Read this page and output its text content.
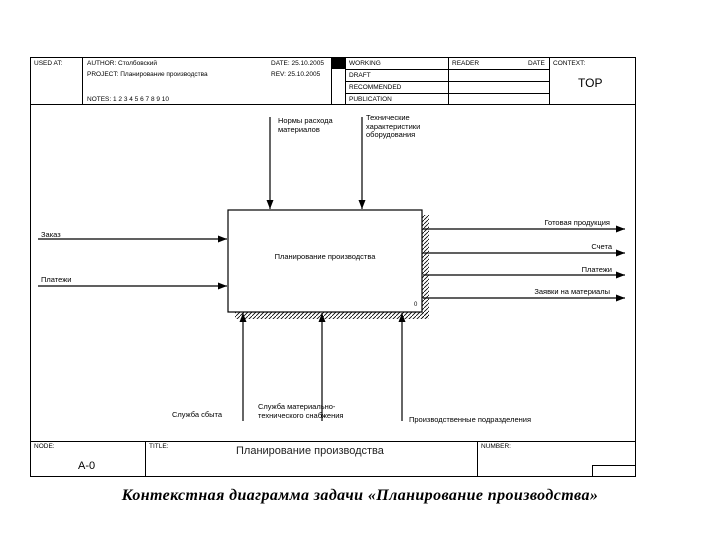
USED AT:	AUTHOR: Столбовский
PROJECT: Планирование производства
DATE: 25.10.2005
REV: 25.10.2005
NOTES: 1 2 3 4 5 6 7 8 9 10
WORKING
DRAFT
RECOMMENDED
PUBLICATION
READER	DATE CONTEXT:
TOP
NODE:
A-0
TITLE:	Планирование производства	NUMBER:
Планирование производства
0
Нормы расхода материалов
Технические характеристики оборудования
Заказ
Платежи
Готовая продукция
Счета
Платежи
Заявки на материалы
Служба сбыта
Служба материально-технического снабжения	Производственные подразделения
Контекстная диаграмма задачи «Планирование производства»
